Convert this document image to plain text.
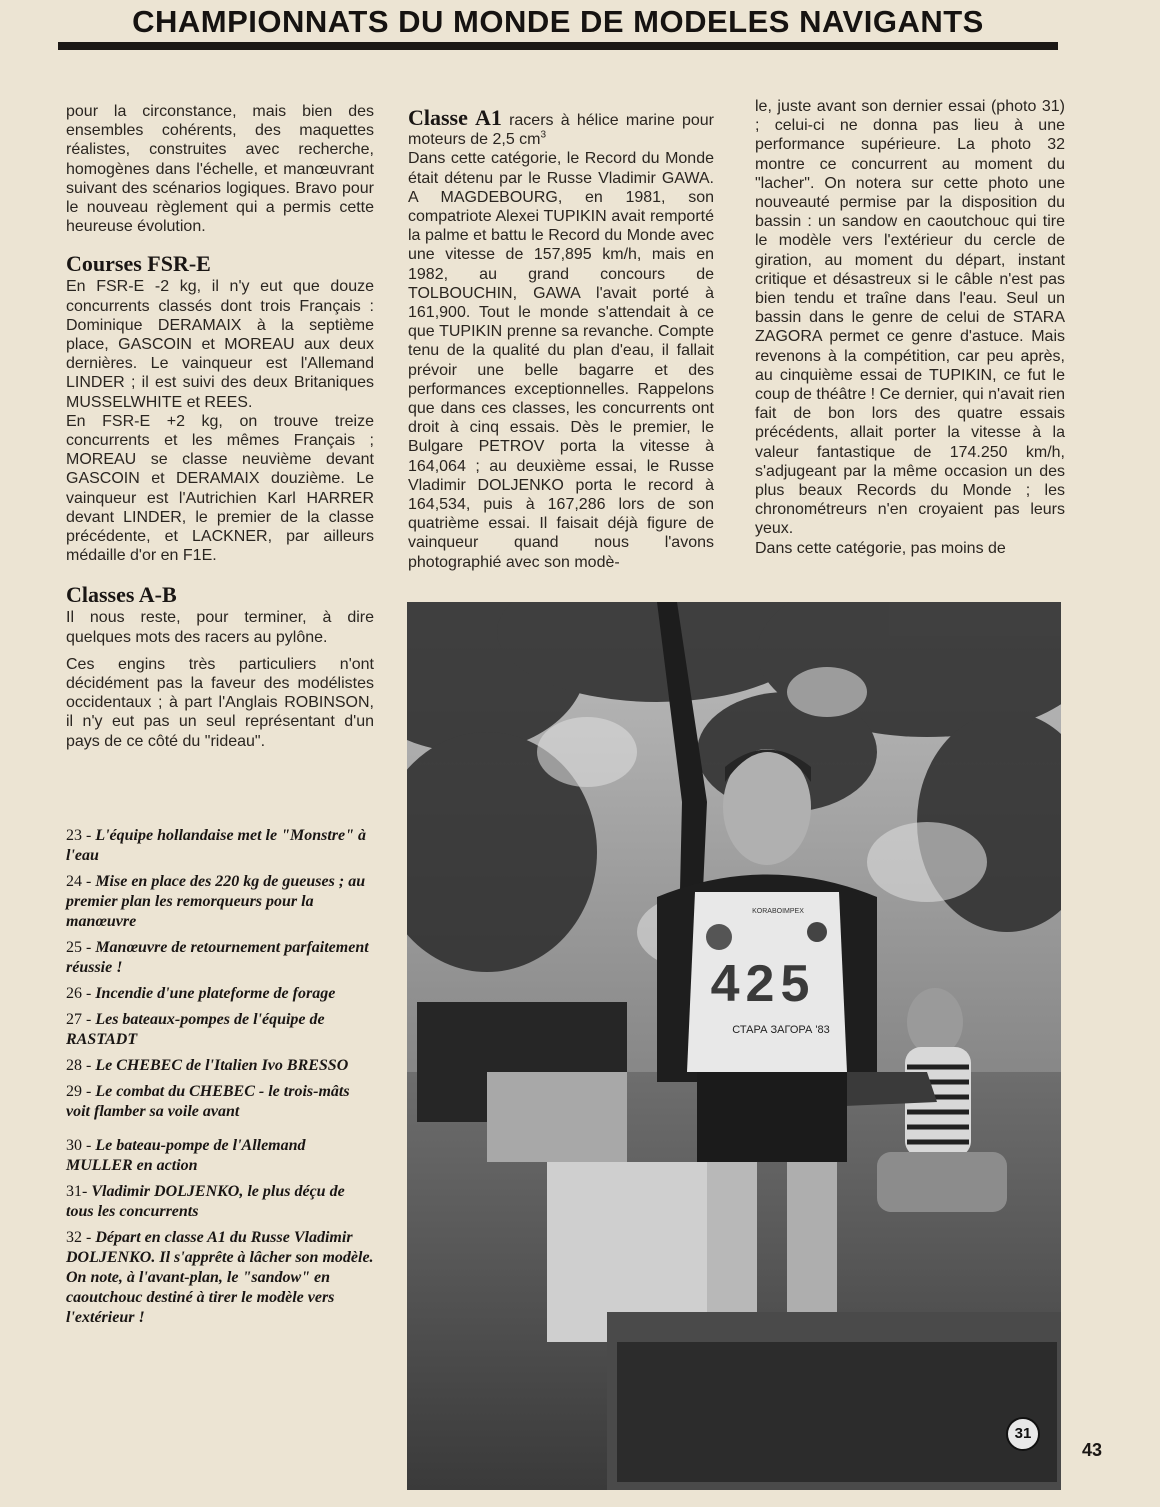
CHAMPIONNATS DU MONDE DE MODELES NAVIGANTS

pour la circonstance, mais bien des ensembles cohérents, des maquettes réalistes, construites avec recherche, homogènes dans l'échelle, et manœuvrant suivant des scénarios logiques. Bravo pour le nouveau règlement qui a permis cette heureuse évolution.

Courses FSR-E

En FSR-E -2 kg, il n'y eut que douze concurrents classés dont trois Français : Dominique DERAMAIX à la septième place, GASCOIN et MOREAU aux deux dernières. Le vainqueur est l'Allemand LINDER ; il est suivi des deux Britaniques MUSSELWHITE et REES.

En FSR-E +2 kg, on trouve treize concurrents et les mêmes Français ; MOREAU se classe neuvième devant GASCOIN et DERAMAIX douzième. Le vainqueur est l'Autrichien Karl HARRER devant LINDER, le premier de la classe précédente, et LACKNER, par ailleurs médaille d'or en F1E.

Classes A-B

Il nous reste, pour terminer, à dire quelques mots des racers au pylône.

Ces engins très particuliers n'ont décidément pas la faveur des modélistes occidentaux ; à part l'Anglais ROBINSON, il n'y eut pas un seul représentant d'un pays de ce côté du "rideau".

23 - L'équipe hollandaise met le "Monstre" à l'eau

24 - Mise en place des 220 kg de gueuses ; au premier plan les remorqueurs pour la manœuvre

25 - Manœuvre de retournement parfaitement réussie !

26 - Incendie d'une plateforme de forage

27 - Les bateaux-pompes de l'équipe de RASTADT

28 - Le CHEBEC de l'Italien Ivo BRESSO

29 - Le combat du CHEBEC - le trois-mâts voit flamber sa voile avant

30 - Le bateau-pompe de l'Allemand MULLER en action

31- Vladimir DOLJENKO, le plus déçu de tous les concurrents

32 - Départ en classe A1 du Russe Vladimir DOLJENKO. Il s'apprête à lâcher son modèle. On note, à l'avant-plan, le "sandow" en caoutchouc destiné à tirer le modèle vers l'extérieur !

Classe A1 racers à hélice marine pour moteurs de 2,5 $cm^3$

Dans cette catégorie, le Record du Monde était détenu par le Russe Vladimir GAWA. A MAGDEBOURG, en 1981, son compatriote Alexei TUPIKIN avait remporté la palme et battu le Record du Monde avec une vitesse de 157,895 km/h, mais en 1982, au grand concours de TOLBOUCHIN, GAWA l'avait porté à 161,900. Tout le monde s'attendait à ce que TUPIKIN prenne sa revanche. Compte tenu de la qualité du plan d'eau, il fallait prévoir une belle bagarre et des performances exceptionnelles. Rappelons que dans ces classes, les concurrents ont droit à cinq essais. Dès le premier, le Bulgare PETROV porta la vitesse à 164,064 ; au deuxième essai, le Russe Vladimir DOLJENKO porta le record à 164,534, puis à 167,286 lors de son quatrième essai. Il faisait déjà figure de vainqueur quand nous l'avons photographié avec son modè-

le, juste avant son dernier essai (photo 31) ; celui-ci ne donna pas lieu à une performance supérieure. La photo 32 montre ce concurrent au moment du "lacher". On notera sur cette photo une nouveauté permise par la disposition du bassin : un sandow en caoutchouc qui tire le modèle vers l'extérieur du cercle de giration, au moment du départ, instant critique et désastreux si le câble n'est pas bien tendu et traîne dans l'eau. Seul un bassin dans le genre de celui de STARA ZAGORA permet ce genre d'astuce. Mais revenons à la compétition, car peu après, au cinquième essai de TUPIKIN, ce fut le coup de théâtre ! Ce dernier, qui n'avait rien fait de bon lors des quatre essais précédents, allait porter la vitesse à la valeur fantastique de 174.250 km/h, s'adjugeant par la même occasion un des plus beaux Records du Monde ; les chronométreurs n'en croyaient pas leurs yeux.

Dans cette catégorie, pas moins de

31
KORABOIMPEX
425
СТАРА ЗАГОРА '83
43
